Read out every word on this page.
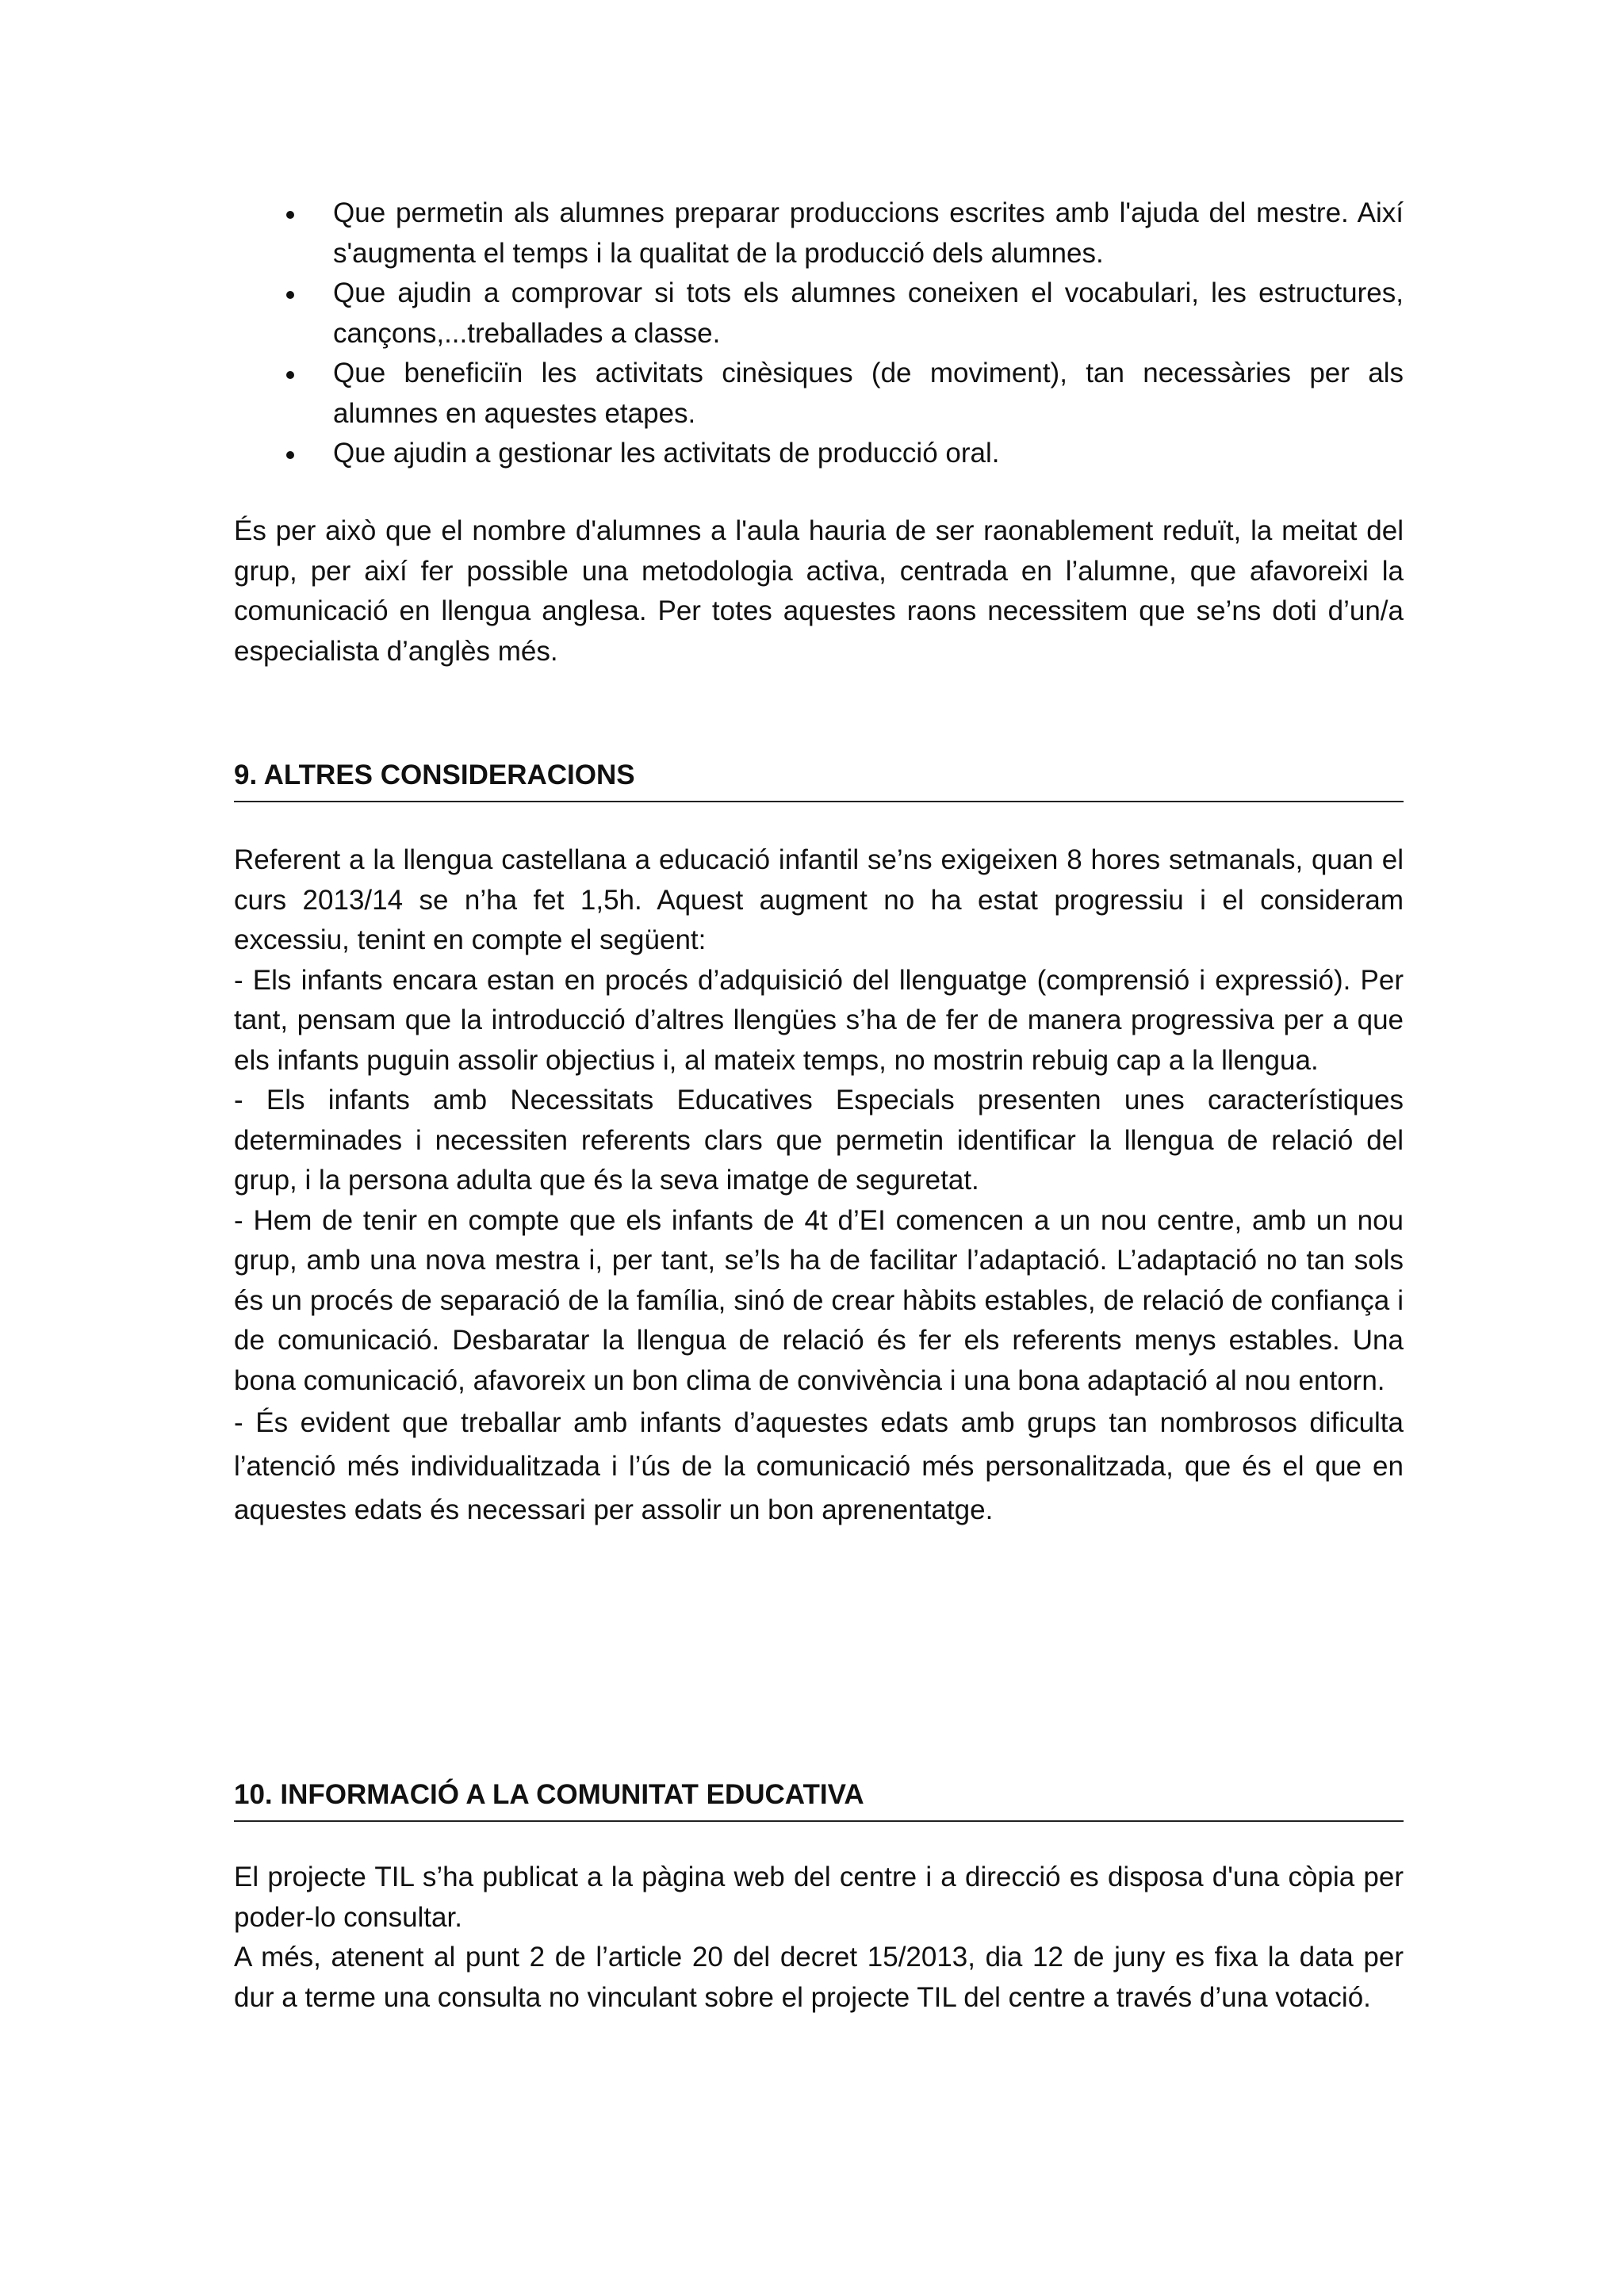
Que permetin als alumnes preparar produccions escrites amb l'ajuda del mestre. Així s'augmenta el temps i la qualitat de la producció dels alumnes.
Que ajudin a comprovar si tots els alumnes coneixen el vocabulari, les estructures, cançons,...treballades a classe.
Que beneficiïn les activitats cinèsiques (de moviment), tan necessàries per als alumnes en aquestes etapes.
Que ajudin a gestionar les activitats de producció oral.

És per això que el nombre d'alumnes a l'aula hauria de ser raonablement reduït, la meitat del grup, per així fer possible una metodologia activa, centrada en l’alumne, que afavoreixi la comunicació en llengua anglesa. Per totes aquestes raons necessitem que se’ns doti d’un/a especialista d’anglès més.

9. ALTRES CONSIDERACIONS

Referent a la llengua castellana a educació infantil se’ns exigeixen 8 hores setmanals, quan el curs 2013/14 se n’ha fet 1,5h. Aquest augment no ha estat progressiu i el consideram excessiu, tenint en compte el següent:

- Els infants encara estan en procés d’adquisició del llenguatge (comprensió i expressió). Per tant, pensam que la introducció d’altres llengües s’ha de fer de manera progressiva per a que els infants puguin assolir objectius i, al mateix temps, no mostrin rebuig cap a la llengua.

- Els infants amb Necessitats Educatives Especials presenten unes característiques determinades i necessiten referents clars que permetin identificar la llengua de relació del grup, i la persona adulta que és la seva imatge de seguretat.

- Hem de tenir en compte que els infants de 4t d’EI comencen a un nou centre, amb un nou grup, amb una nova mestra i, per tant, se’ls ha de facilitar l’adaptació. L’adaptació no tan sols és un procés de separació de la família, sinó de crear hàbits estables, de relació de confiança i de comunicació. Desbaratar la llengua de relació és fer els referents menys estables. Una bona comunicació, afavoreix un bon clima de convivència i una bona adaptació al nou entorn.

- És evident que treballar amb infants d’aquestes edats amb grups tan nombrosos dificulta l’atenció més individualitzada i l’ús de la comunicació més personalitzada, que és el que en aquestes edats és necessari per assolir un bon aprenentatge.

10. INFORMACIÓ A LA COMUNITAT EDUCATIVA

El projecte TIL s’ha publicat a la pàgina web del centre i a direcció es disposa d'una còpia per poder-lo consultar.

A més, atenent al punt 2 de l’article 20 del decret 15/2013, dia 12 de juny es fixa la data per dur a terme una consulta no vinculant sobre el projecte TIL del centre a través d’una votació.
